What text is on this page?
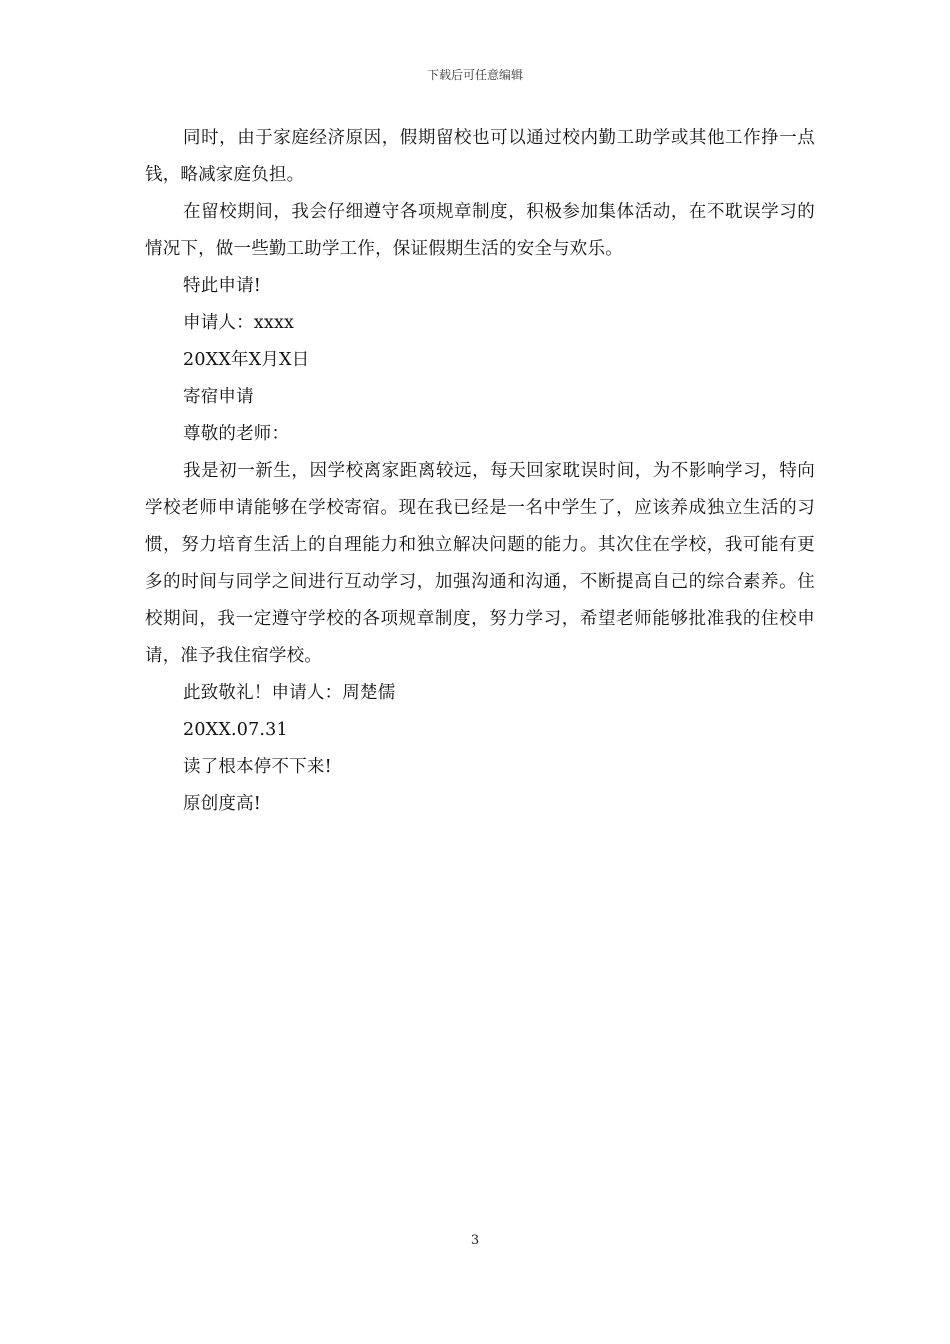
下载后可任意编辑

同时，由于家庭经济原因，假期留校也可以通过校内勤工助学或其他工作挣一点钱，略减家庭负担。

在留校期间，我会仔细遵守各项规章制度，积极参加集体活动，在不耽误学习的情况下，做一些勤工助学工作，保证假期生活的安全与欢乐。

特此申请!

申请人：xxxx

20XX年X月X日

寄宿申请

尊敬的老师：

我是初一新生，因学校离家距离较远，每天回家耽误时间，为不影响学习，特向学校老师申请能够在学校寄宿。现在我已经是一名中学生了，应该养成独立生活的习惯，努力培育生活上的自理能力和独立解决问题的能力。其次住在学校，我可能有更多的时间与同学之间进行互动学习，加强沟通和沟通，不断提高自己的综合素养。住校期间，我一定遵守学校的各项规章制度，努力学习，希望老师能够批准我的住校申请，准予我住宿学校。

此致敬礼！申请人：周楚儒

20XX.07.31

读了根本停不下来!

原创度高!

3
